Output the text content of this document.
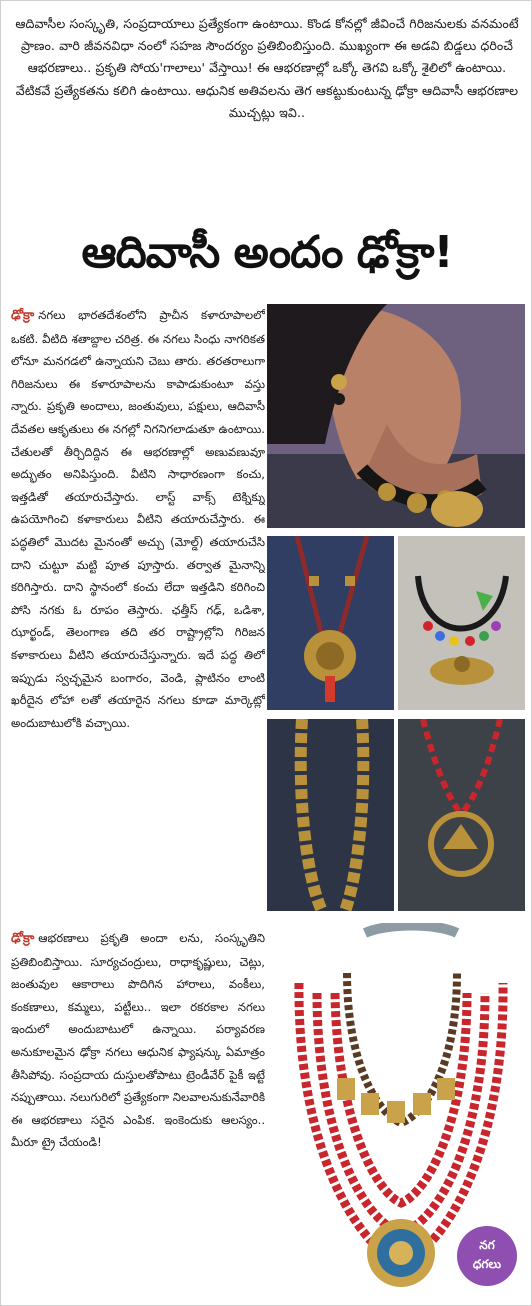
ఆదివాసీల సంస్కృతి, సంప్రదాయాలు ప్రత్యేకంగా ఉంటాయి. కొండ కోనల్లో జీవించే గిరిజనులకు వనమంటే ప్రాణం. వారి జీవనవిధా నంలో సహజ సౌందర్యం ప్రతిబింబిస్తుంది. ముఖ్యంగా ఈ అడవి బిడ్డలు ధరించే ఆభరణాలు.. ప్రకృతి సోయ'గాలాలు' వేస్తాయి! ఈ ఆభరణాల్లో ఒక్కో తెగవి ఒక్కో శైలిలో ఉంటాయి. వేటికవే ప్రత్యేకతను కలిగి ఉంటాయి. ఆధునిక అతివలను తెగ ఆకట్టుకుంటున్న ఢోక్రా ఆదివాసీ ఆభరణాల ముచ్చట్లు ఇవి..
ఆదివాసీ అందం ఢోక్రా!
ఢోక్రా నగలు భారతదేశంలోని ప్రాచీన కళారూపాలలో ఒకటి. వీటిది శతాబ్దాల చరిత్ర. ఈ నగలు సింధు నాగరికత లోనూ మనగడలో ఉన్నాయని చెబు తారు. తరతరాలుగా గిరిజనులు ఈ కళారూపాలను కాపాడుకుంటూ వస్తు న్నారు. ప్రకృతి అందాలు, జంతువులు, పక్షులు, ఆదివాసీ దేవతల ఆకృతులు ఈ నగల్లో నిగనిగలాడుతూ ఉంటాయి. చేతులతో తీర్చిదిద్దిన ఈ ఆభరణాల్లో అణువణువూ అద్భుతం అనిపిస్తుంది. వీటిని సాధారణంగా కంచు, ఇత్తడితో తయారుచేస్తారు. లాస్ట్ వాక్స్ టెక్నిక్ను ఉపయోగించి కళాకారులు వీటిని తయారుచేస్తారు. ఈ పద్ధతిలో మొదట మైనంతో అచ్చు (మోల్డ్) తయారుచేసి దాని చుట్టూ మట్టి పూత పూస్తారు. తర్వాత మైనాన్ని కరిగిస్తారు. దాని స్థానంలో కంచు లేదా ఇత్తడిని కరిగించి పోసి నగకు ఓ రూపం తెస్తారు. ఛత్తీస్ గఢ్, ఒడిశా, ఝార్ఖండ్, తెలంగాణ తది తర రాష్ట్రాల్లోని గిరిజన కళాకారులు వీటిని తయారుచేస్తున్నారు. ఇదే పద్ధ తిలో ఇప్పుడు స్వచ్ఛమైన బంగారం, వెండి, ప్లాటినం లాంటి ఖరీదైన లోహా లతో తయారైన నగలు కూడా మార్కెట్లో అందుబాటులోకి వచ్చాయి.
ఢోక్రా ఆభరణాలు ప్రకృతి అందా లను, సంస్కృతిని ప్రతిబింబిస్తాయి. సూర్యచంద్రులు, రాధాకృష్ణులు, చెట్లు, జంతువుల ఆకారాలు పొదిగిన హారాలు, వంకీలు, కంకణాలు, కమ్మలు, పట్టీలు.. ఇలా రకరకాల నగలు ఇందులో అందుబాటులో ఉన్నాయి. పర్యావరణ అనుకూలమైన ఢోక్రా నగలు ఆధునిక ఫ్యాషన్కు ఏమాత్రం తీసిపోవు. సంప్రదాయ దుస్తులతోపాటు ట్రెండీవేర్ పైకీ ఇట్టే నప్పుతాయి. నలుగురిలో ప్రత్యేకంగా నిలవాలనుకునేవారికి ఈ ఆభరణాలు సరైన ఎంపిక. ఇంకెందుకు ఆలస్యం.. మీరూ ట్రై చేయండి!
నగ
ధగలు
